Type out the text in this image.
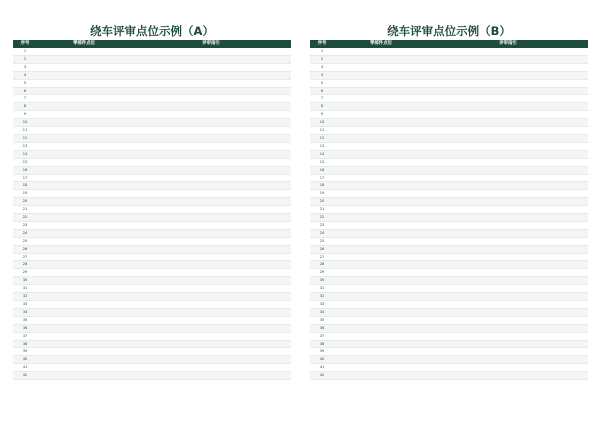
绕车评审点位示例（A）
序号	零部件点位	评审指引
1		
2		
3		
4		
5		
6		
7		
8		
9		
10		
11		
12		
13		
14		
15		
16		
17		
18		
19		
20		
21		
22		
23		
24		
25		
26		
27		
28		
29		
30		
31		
32		
33		
34		
35		
36		
37		
38		
39		
40		
41		
42		
绕车评审点位示例（B）
序号	零部件点位	评审指引
1		
2		
3		
4		
5		
6		
7		
8		
9		
10		
11		
12		
13		
14		
15		
16		
17		
18		
19		
20		
21		
22		
23		
24		
25		
26		
27		
28		
29		
30		
31		
32		
33		
34		
35		
36		
37		
38		
39		
40		
41		
42		
